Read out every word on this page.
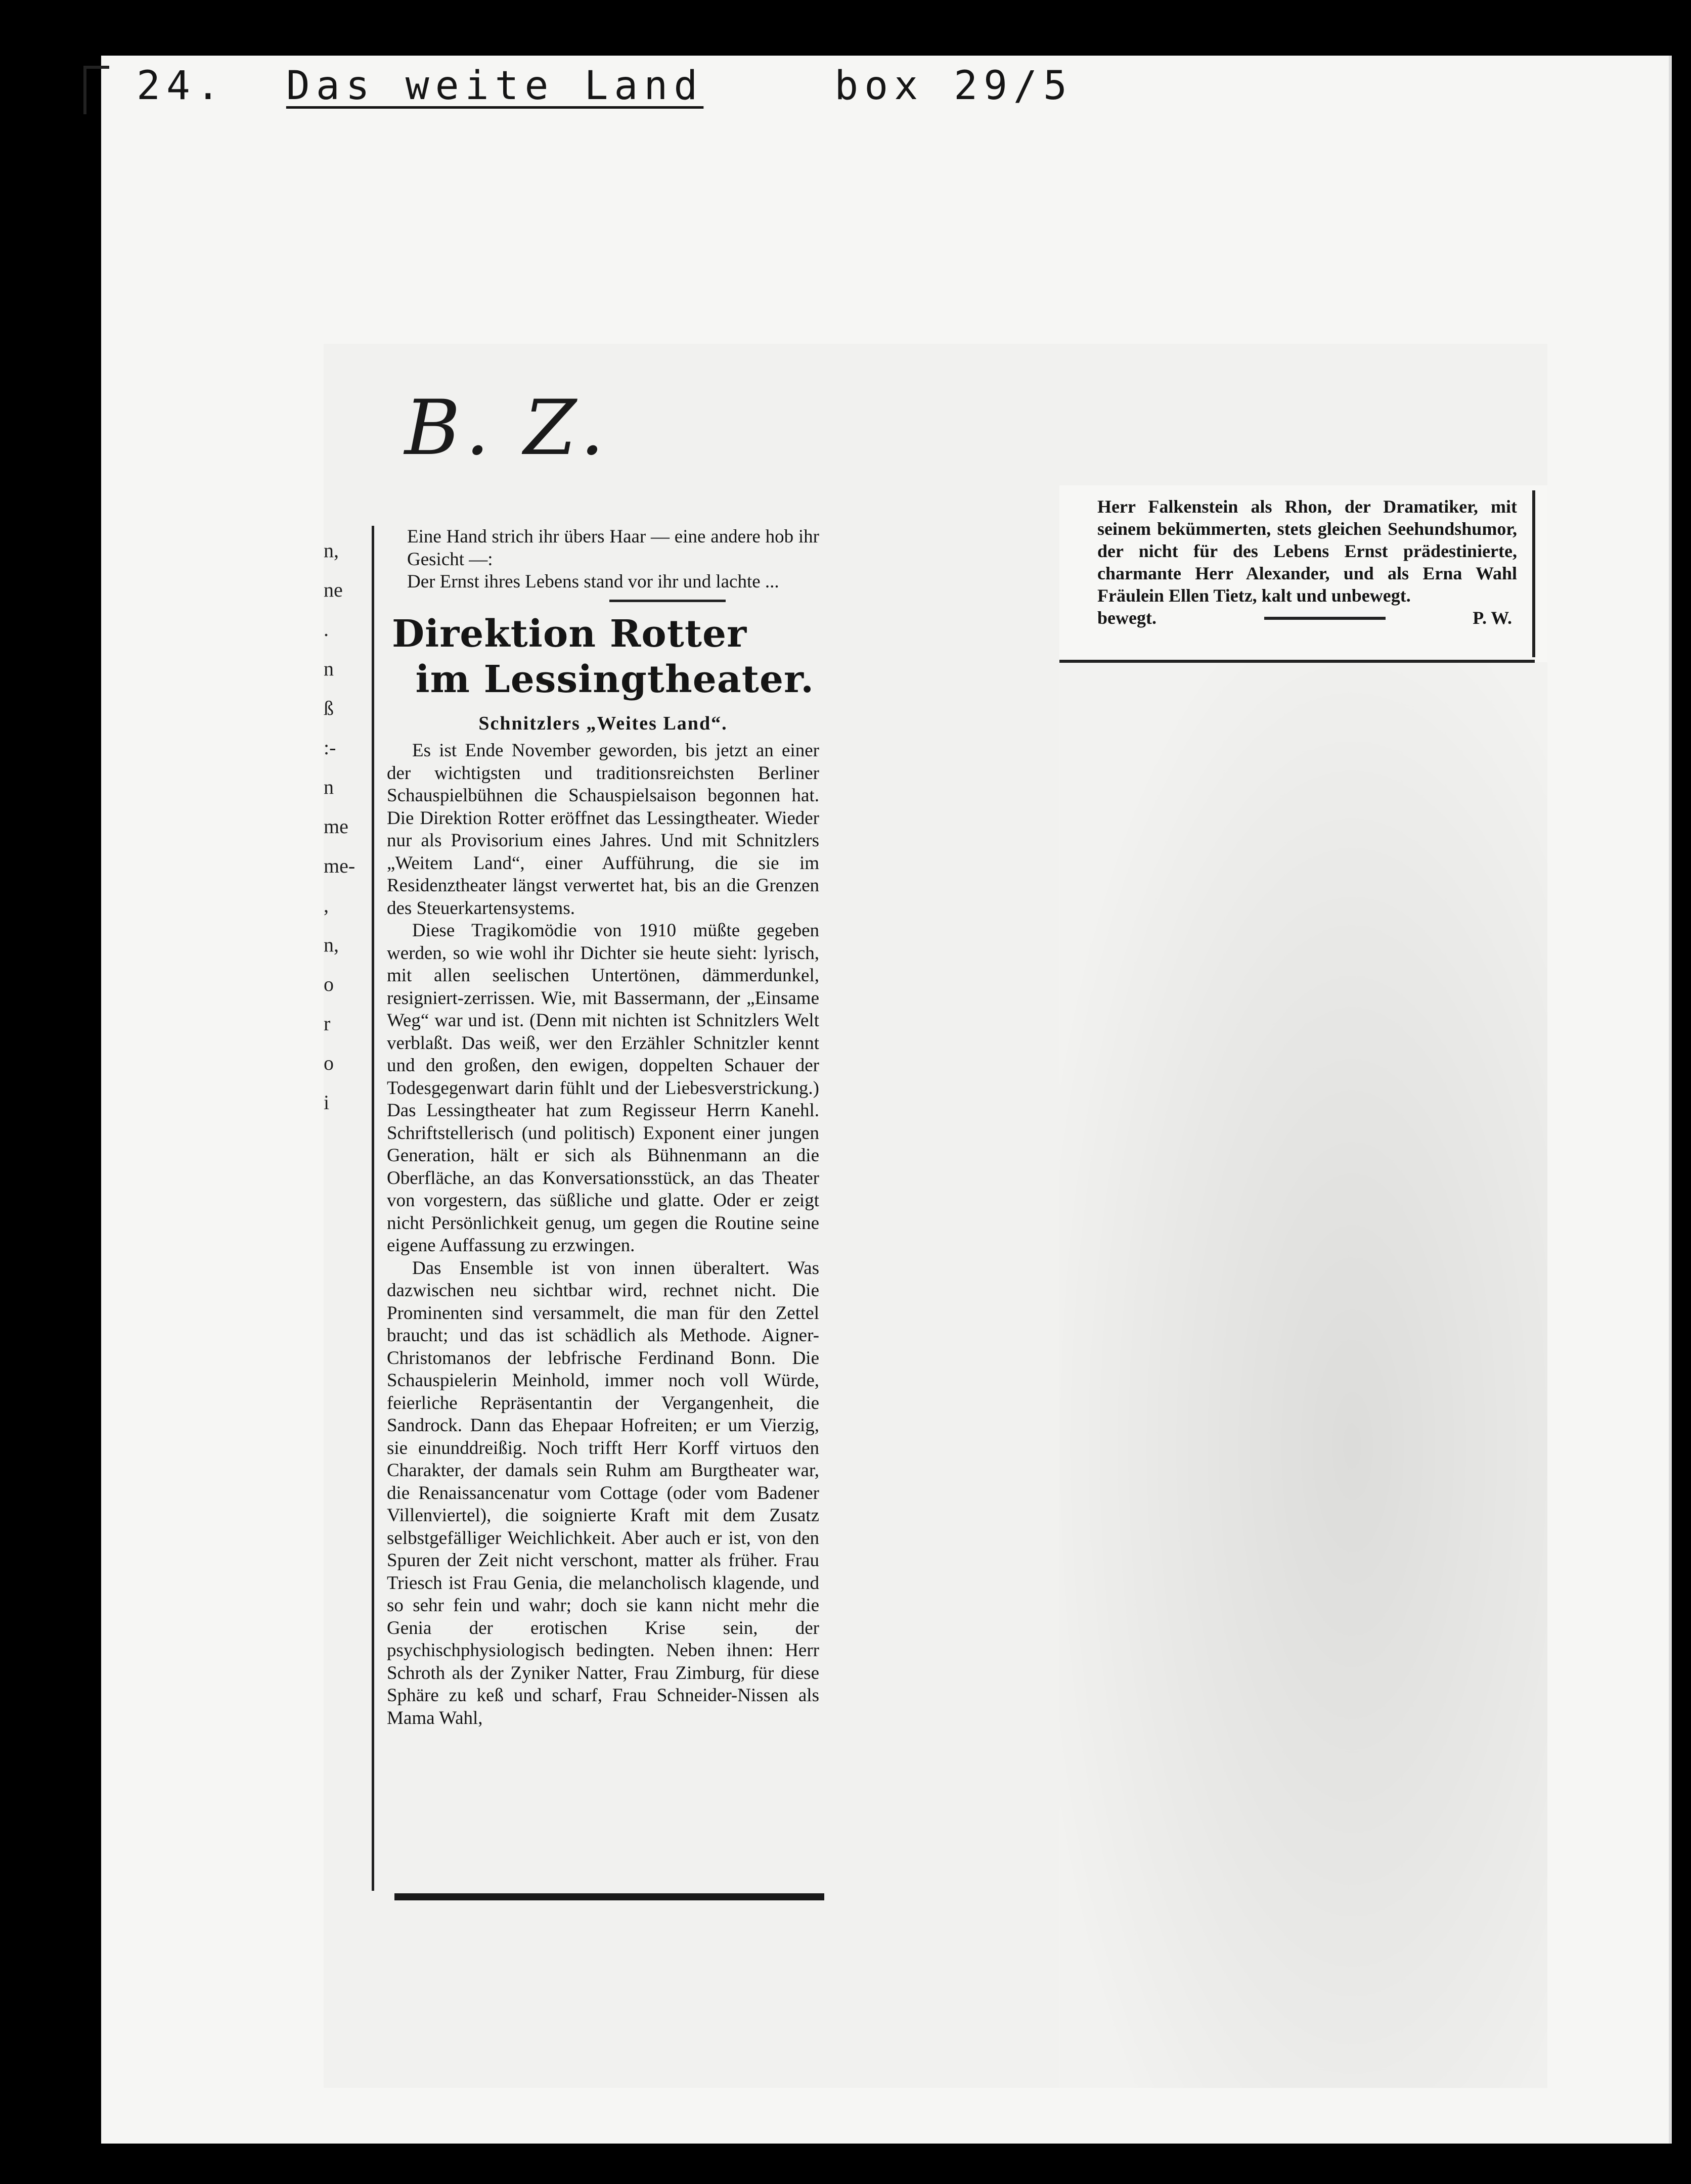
24. Das weite Land	box 29/5
B. Z.
n,
ne
.
n
ß
:-
n
me
me-
,
n,
o
r
o
i

Eine Hand strich ihr übers Haar — eine andere hob ihr Gesicht —:

Der Ernst ihres Lebens stand vor ihr und lachte ...

Direktion Rotter
im Lessingtheater.
Schnitzlers „Weites Land“.

Es ist Ende November geworden, bis jetzt an einer der wichtigsten und traditionsreichsten Berliner Schauspielbühnen die Schauspielsaison begonnen hat. Die Direktion Rotter eröffnet das Lessingtheater. Wieder nur als Provisorium eines Jahres. Und mit Schnitzlers „Weitem Land“, einer Aufführung, die sie im Residenztheater längst verwertet hat, bis an die Grenzen des Steuerkartensystems.

Diese Tragikomödie von 1910 müßte gegeben werden, so wie wohl ihr Dichter sie heute sieht: lyrisch, mit allen seelischen Untertönen, dämmerdunkel, resigniert-zerrissen. Wie, mit Bassermann, der „Einsame Weg“ war und ist. (Denn mit nichten ist Schnitzlers Welt verblaßt. Das weiß, wer den Erzähler Schnitzler kennt und den großen, den ewigen, doppelten Schauer der Todesgegenwart darin fühlt und der Liebesverstrickung.) Das Lessingtheater hat zum Regisseur Herrn Kanehl. Schriftstellerisch (und politisch) Exponent einer jungen Generation, hält er sich als Bühnenmann an die Oberfläche, an das Konversationsstück, an das Theater von vorgestern, das süßliche und glatte. Oder er zeigt nicht Persönlichkeit genug, um gegen die Routine seine eigene Auffassung zu erzwingen.

Das Ensemble ist von innen überaltert. Was dazwischen neu sichtbar wird, rechnet nicht. Die Prominenten sind versammelt, die man für den Zettel braucht; und das ist schädlich als Methode. Aigner-Christomanos der lebfrische Ferdinand Bonn. Die Schauspielerin Meinhold, immer noch voll Würde, feierliche Repräsentantin der Vergangenheit, die Sandrock. Dann das Ehepaar Hofreiten; er um Vierzig, sie einunddreißig. Noch trifft Herr Korff virtuos den Charakter, der damals sein Ruhm am Burgtheater war, die Renaissancenatur vom Cottage (oder vom Badener Villenviertel), die soignierte Kraft mit dem Zusatz selbstgefälliger Weichlichkeit. Aber auch er ist, von den Spuren der Zeit nicht verschont, matter als früher. Frau Triesch ist Frau Genia, die melancholisch klagende, und so sehr fein und wahr; doch sie kann nicht mehr die Genia der erotischen Krise sein, der psychischphysiologisch bedingten. Neben ihnen: Herr Schroth als der Zyniker Natter, Frau Zimburg, für diese Sphäre zu keß und scharf, Frau Schneider-Nissen als Mama Wahl,

Herr Falkenstein als Rhon, der Dramatiker, mit seinem bekümmerten, stets gleichen Seehundshumor, der nicht für des Lebens Ernst prädestinierte, charmante Herr Alexander, und als Erna Wahl Fräulein Ellen Tietz, kalt und unbewegt.

bewegt.	P. W.
